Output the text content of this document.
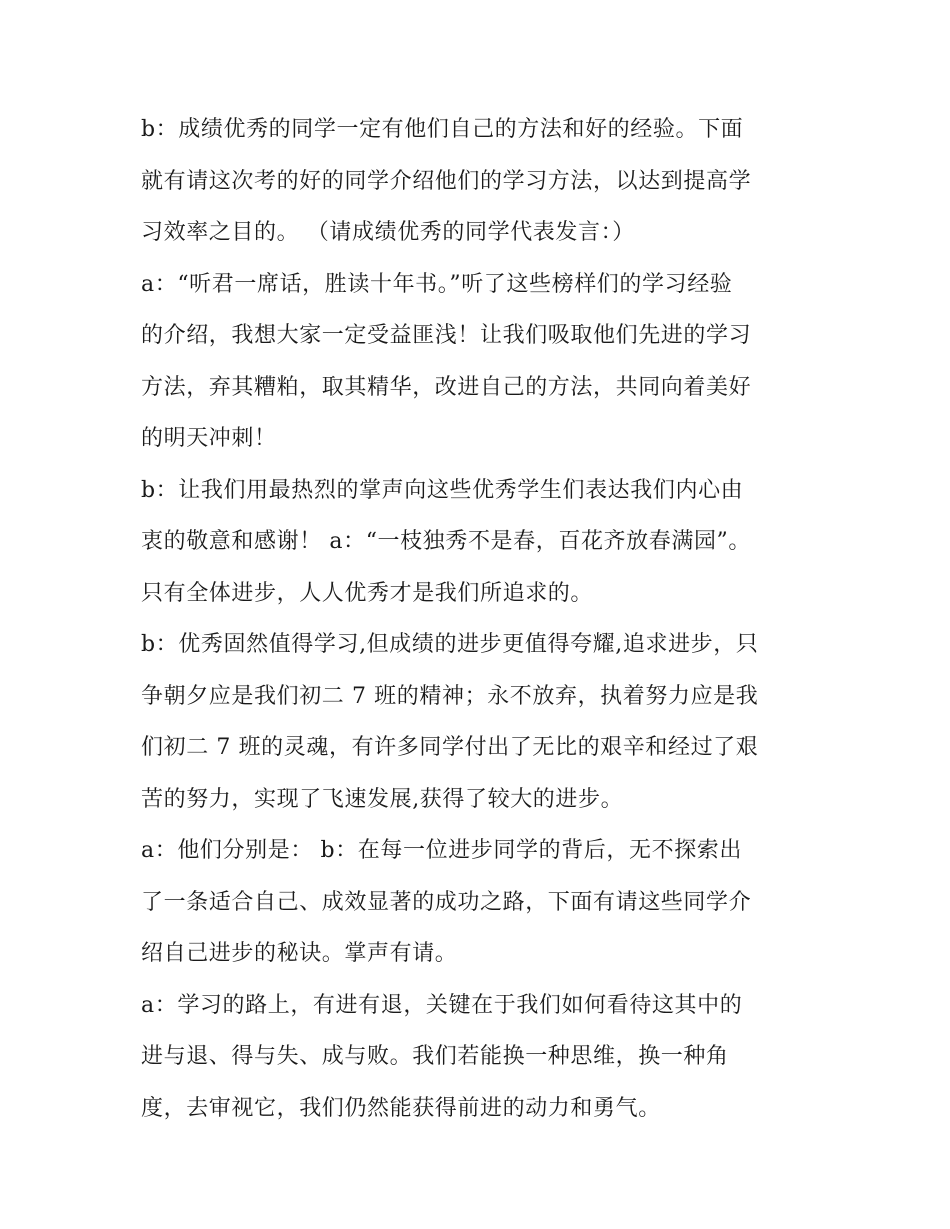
b：成绩优秀的同学一定有他们自己的方法和好的经验。下面
就有请这次考的好的同学介绍他们的学习方法，以达到提高学
习效率之目的。 （请成绩优秀的同学代表发言：）
a：“听君一席话，胜读十年书。”听了这些榜样们的学习经验
的介绍，我想大家一定受益匪浅！让我们吸取他们先进的学习
方法，弃其糟粕，取其精华，改进自己的方法，共同向着美好
的明天冲刺！
b：让我们用最热烈的掌声向这些优秀学生们表达我们内心由
衷的敬意和感谢！ a：“一枝独秀不是春，百花齐放春满园”。
只有全体进步，人人优秀才是我们所追求的。
b：优秀固然值得学习,但成绩的进步更值得夸耀,追求进步，只
争朝夕应是我们初二 7 班的精神；永不放弃，执着努力应是我
们初二 7 班的灵魂，有许多同学付出了无比的艰辛和经过了艰
苦的努力，实现了飞速发展,获得了较大的进步。
a：他们分别是： b：在每一位进步同学的背后，无不探索出
了一条适合自己、成效显著的成功之路，下面有请这些同学介
绍自己进步的秘诀。掌声有请。
a：学习的路上，有进有退，关键在于我们如何看待这其中的
进与退、得与失、成与败。我们若能换一种思维，换一种角
度，去审视它，我们仍然能获得前进的动力和勇气。
